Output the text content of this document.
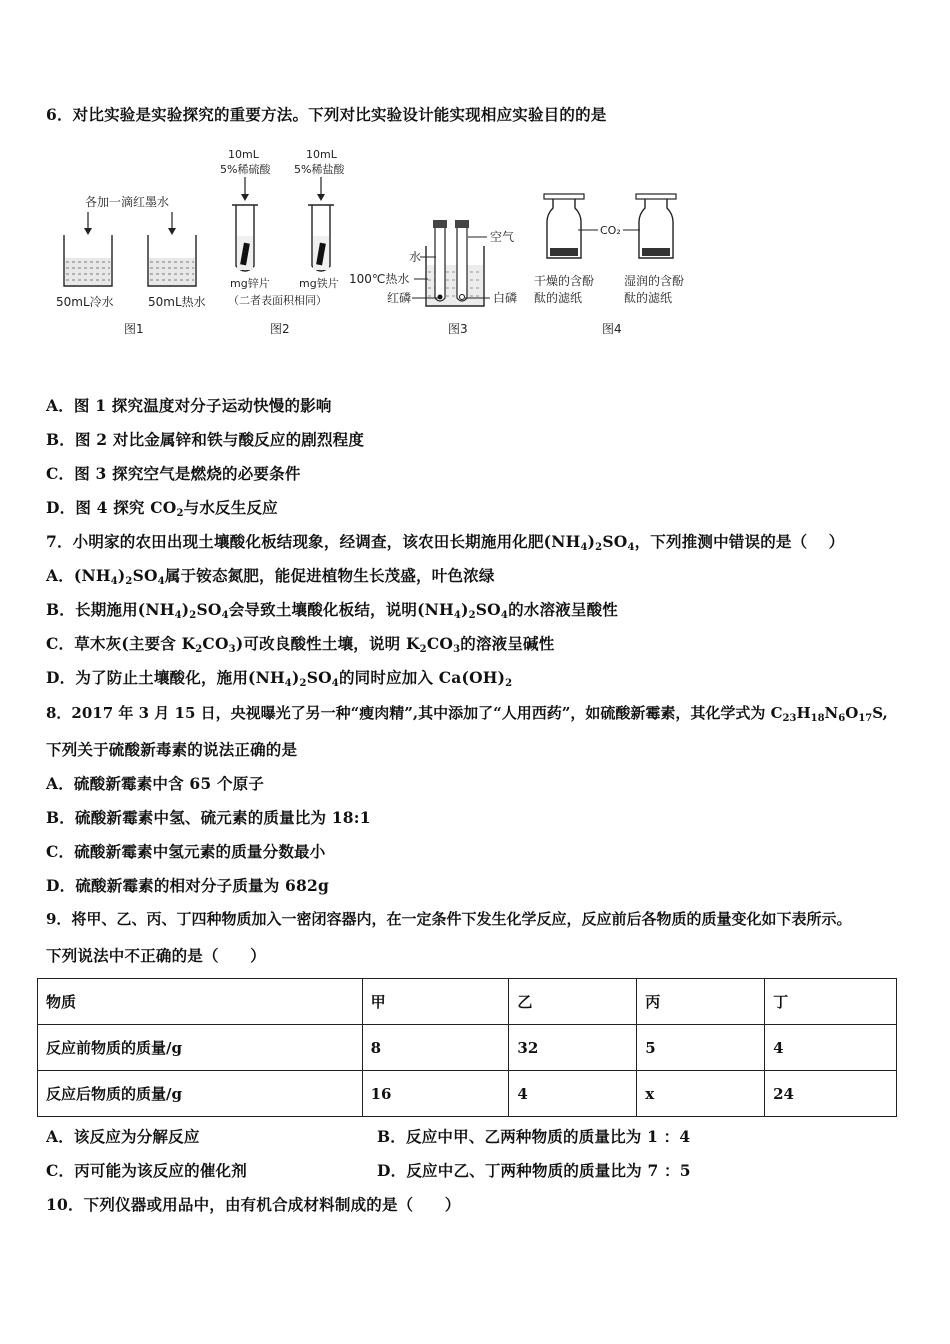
6．对比实验是实验探究的重要方法。下列对比实验设计能实现相应实验目的的是
各加一滴红墨水
50mL冷水	50mL热水
图1
10mL
5%稀硫酸
10mL
5%稀盐酸
mg锌片	mg铁片
（二者表面积相同）
图2
空气
水
100℃热水
红磷	白磷
图3
CO₂
干燥的含酚
酞的滤纸
湿润的含酚
酞的滤纸
图4
A．图 1 探究温度对分子运动快慢的影响
B．图 2 对比金属锌和铁与酸反应的剧烈程度
C．图 3 探究空气是燃烧的必要条件
D．图 4 探究 $CO_2$与水反生反应
7．小明家的农田出现土壤酸化板结现象，经调查，该农田长期施用化肥$(NH_4)_2SO_4$，下列推测中错误的是（　 ）
A．$(NH_4)_2SO_4$属于铵态氮肥，能促进植物生长茂盛，叶色浓绿
B．长期施用$(NH_4)_2SO_4$会导致土壤酸化板结，说明$(NH_4)_2SO_4$的水溶液呈酸性
C．草木灰(主要含 $K_2CO_3$)可改良酸性土壤，说明 $K_2CO_3$的溶液呈碱性
D．为了防止土壤酸化，施用$(NH_4)_2SO_4$的同时应加入 $Ca(OH)_2$
8．2017 年 3 月 15 日，央视曝光了另一种“瘦肉精”,其中添加了“人用西药”，如硫酸新霉素，其化学式为 $C_{23}H_{18}N_6O_{17}S$,
下列关于硫酸新毒素的说法正确的是
A．硫酸新霉素中含 65 个原子
B．硫酸新霉素中氢、硫元素的质量比为 18:1
C．硫酸新霉素中氢元素的质量分数最小
D．硫酸新霉素的相对分子质量为 682g
9．将甲、乙、丙、丁四种物质加入一密闭容器内，在一定条件下发生化学反应，反应前后各物质的质量变化如下表所示。
下列说法中不正确的是（　　）
物质	甲	乙	丙	丁
反应前物质的质量/g	8	32	5	4
反应后物质的质量/g	16	4	x	24
A．该反应为分解反应	B．反应中甲、乙两种物质的质量比为 1 ：4
C．丙可能为该反应的催化剂	D．反应中乙、丁两种物质的质量比为 7 ：5
10．下列仪器或用品中，由有机合成材料制成的是（　　）
